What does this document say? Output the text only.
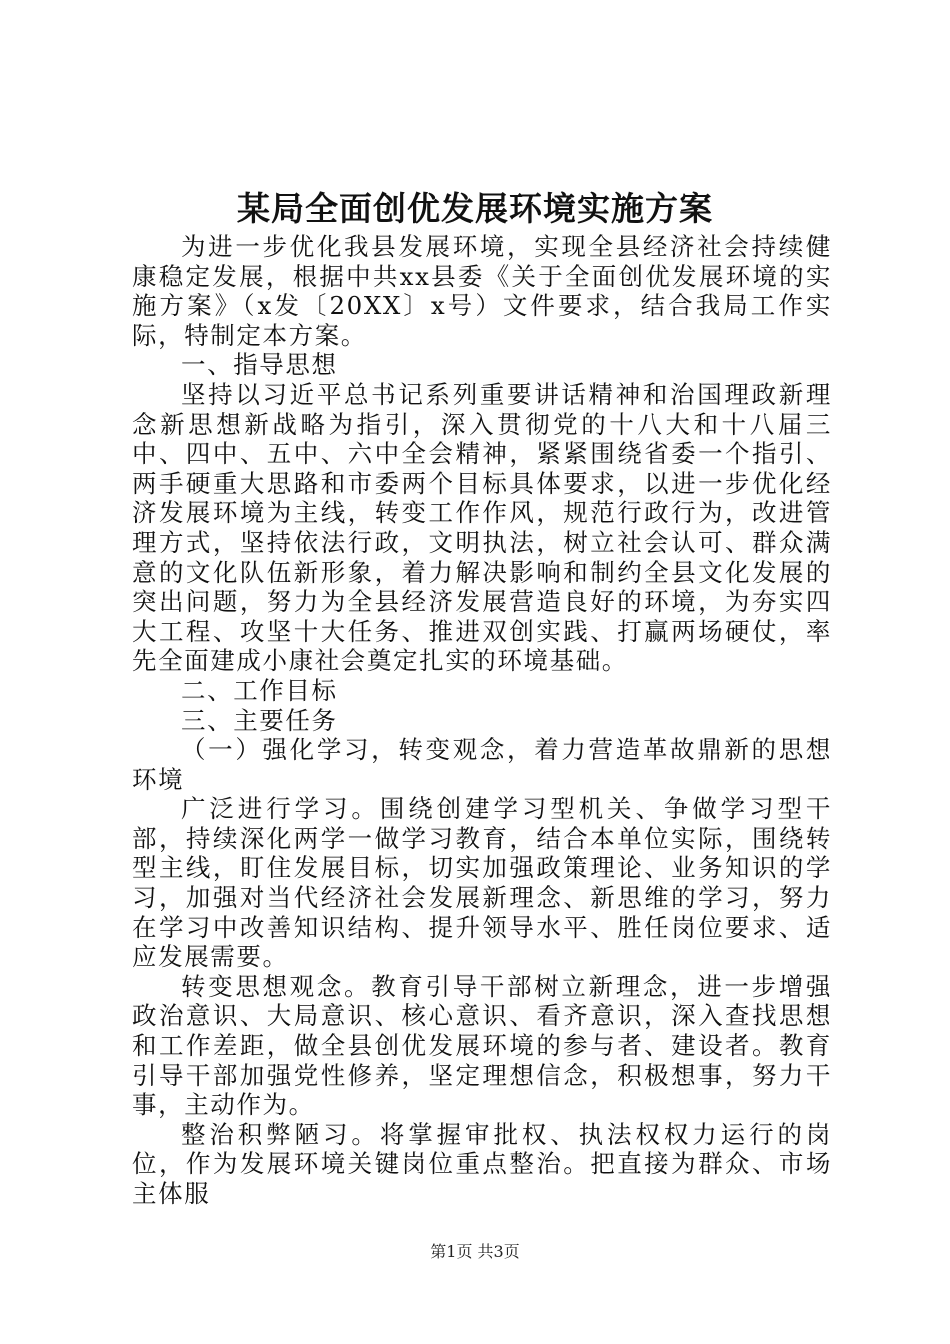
某局全面创优发展环境实施方案

为进一步优化我县发展环境，实现全县经济社会持续健康稳定发展，根据中共xx县委《关于全面创优发展环境的实施方案》（x发〔20XX〕x号）文件要求，结合我局工作实际，特制定本方案。

一、指导思想

坚持以习近平总书记系列重要讲话精神和治国理政新理念新思想新战略为指引，深入贯彻党的十八大和十八届三中、四中、五中、六中全会精神，紧紧围绕省委一个指引、两手硬重大思路和市委两个目标具体要求，以进一步优化经济发展环境为主线，转变工作作风，规范行政行为，改进管理方式，坚持依法行政，文明执法，树立社会认可、群众满意的文化队伍新形象，着力解决影响和制约全县文化发展的突出问题，努力为全县经济发展营造良好的环境，为夯实四大工程、攻坚十大任务、推进双创实践、打赢两场硬仗，率先全面建成小康社会奠定扎实的环境基础。

二、工作目标

三、主要任务

（一）强化学习，转变观念，着力营造革故鼎新的思想环境

广泛进行学习。围绕创建学习型机关、争做学习型干部，持续深化两学一做学习教育，结合本单位实际，围绕转型主线，盯住发展目标，切实加强政策理论、业务知识的学习，加强对当代经济社会发展新理念、新思维的学习，努力在学习中改善知识结构、提升领导水平、胜任岗位要求、适应发展需要。

转变思想观念。教育引导干部树立新理念，进一步增强政治意识、大局意识、核心意识、看齐意识，深入查找思想和工作差距，做全县创优发展环境的参与者、建设者。教育引导干部加强党性修养，坚定理想信念，积极想事，努力干事，主动作为。

整治积弊陋习。将掌握审批权、执法权权力运行的岗位，作为发展环境关键岗位重点整治。把直接为群众、市场主体服

第1页 共3页
